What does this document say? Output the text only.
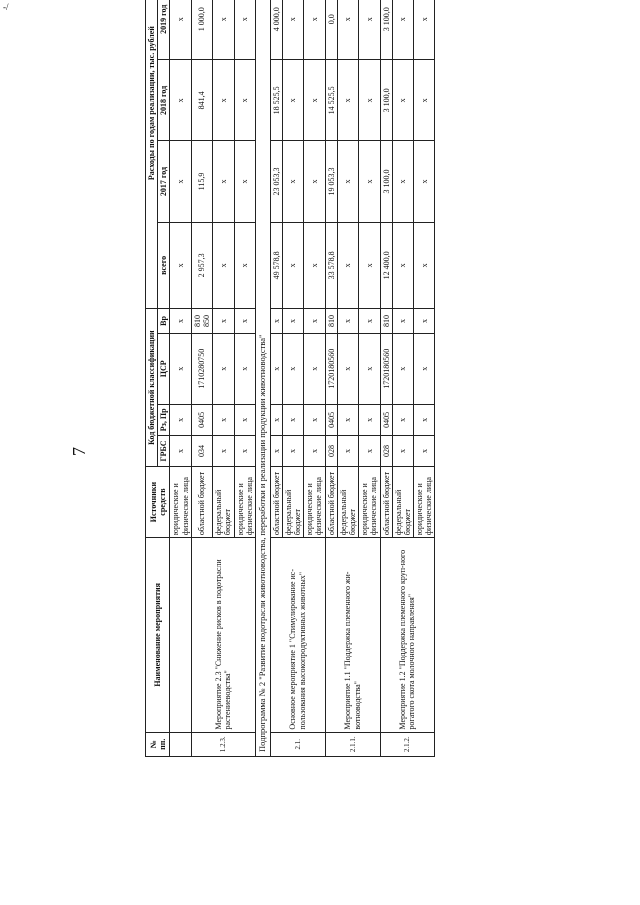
-/
7
№ пп.	Наименование мероприятия	Источники средств	Код бюджетной классификации				Расходы по годам реализации, тыс. рублей				
			ГРБС	Рз, Пр	ЦСР	Вр	всего	2017 год	2018 год	2019 год	
		юридические и физические лица	х	х	х	х	х	х	х	х	
1.2.3.	Мероприятие 2.3 "Снижение рисков в подотрасли растениеводства"	областной бюджет	034	0405	1710280750	810 850	2 957,3	115,9	841,4	1 000,0	
		федеральный бюджет	х	х	х	х	х	х	х	х	
		юридические и физические лица	х	х	х	х	х	х	х	х	
Подпрограмма № 2 "Развитие подотрасли животноводства, переработки и реализации продукции животноводства"											
2.1.	Основное мероприятие 1 "Стимулирование ис-пользования высокопродуктивных животных"	областной бюджет	х	х	х	х	49 578,8	23 053,3	18 525,5	4 000,0	
		федеральный бюджет	х	х	х	х	х	х	х	х	
		юридические и физические лица	х	х	х	х	х	х	х	х	
2.1.1.	Мероприятие 1.1 "Поддержка племенного жи-вотноводства"	областной бюджет	028	0405	1720180560	810	33 578,8	19 053,3	14 525,5	0,0	
		федеральный бюджет	х	х	х	х	х	х	х	х	
		юридические и физические лица	х	х	х	х	х	х	х	х	
2.1.2.	Мероприятие 1.2 "Поддержка племенного круп-ного рогатого скота молочного направления"	областной бюджет	028	0405	1720180560	810	12 400,0	3 100,0	3 100,0	3 100,0	
		федеральный бюджет	х	х	х	х	х	х	х	х	
		юридические и физические лица	х	х	х	х	х	х	х	х	
